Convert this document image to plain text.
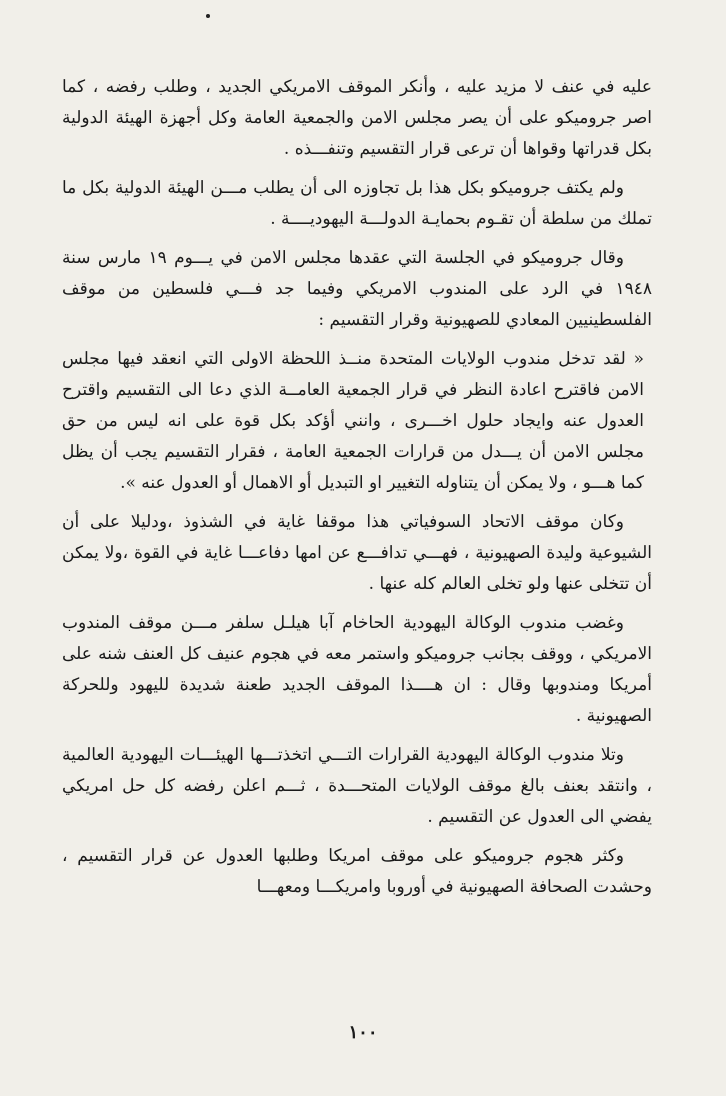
عليه في عنف لا مزيد عليه ، وأنكر الموقف الامريكي الجديد ، وطلب رفضه ، كما اصر جروميكو على أن يصر مجلس الامن والجمعية العامة وكل أجهزة الهيئة الدولية بكل قدراتها وقواها أن ترعى قرار التقسيم وتنفـــذه .

ولم يكتف جروميكو بكل هذا بل تجاوزه الى أن يطلب مـــن الهيئة الدولية بكل ما تملك من سلطة أن تقـوم بحمايـة الدولـــة اليهوديــــة .

وقال جروميكو في الجلسة التي عقدها مجلس الامن في يـــوم ١٩ مارس سنة ١٩٤٨ في الرد على المندوب الامريكي وفيما جد فـــي فلسطين من موقف الفلسطينيين المعادي للصهيونية وقرار التقسيم :

« لقد تدخل مندوب الولايات المتحدة منــذ اللحظة الاولى التي انعقد فيها مجلس الامن فاقترح اعادة النظر في قرار الجمعية العامــة الذي دعا الى التقسيم واقترح العدول عنه وايجاد حلول اخـــرى ، وانني أؤكد بكل قوة على انه ليس من حق مجلس الامن أن يـــدل من قرارات الجمعية العامة ، فقرار التقسيم يجب أن يظل كما هـــو ، ولا يمكن أن يتناوله التغيير او التبديل أو الاهمال أو العدول عنه ».

وكان موقف الاتحاد السوفياتي هذا موقفا غاية في الشذوذ ،ودليلا على أن الشيوعية وليدة الصهيونية ، فهـــي تدافـــع عن امها دفاعـــا غاية في القوة ،ولا يمكن أن تتخلى عنها ولو تخلى العالم كله عنها .

وغضب مندوب الوكالة اليهودية الحاخام آبا هيلـل سلفر مـــن موقف المندوب الامريكي ، ووقف بجانب جروميكو واستمر معه في هجوم عنيف كل العنف شنه على أمريكا ومندوبها وقال : ان هــــذا الموقف الجديد طعنة شديدة لليهود وللحركة الصهيونية .

وتلا مندوب الوكالة اليهودية القرارات التـــي اتخذتـــها الهيئـــات اليهودية العالمية ، وانتقد بعنف بالغ موقف الولايات المتحـــدة ، ثـــم اعلن رفضه كل حل امريكي يفضي الى العدول عن التقسيم .

وكثر هجوم جروميكو على موقف امريكا وطلبها العدول عن قرار التقسيم ، وحشدت الصحافة الصهيونية في أوروبا وامريكـــا ومعهـــا

١٠٠
